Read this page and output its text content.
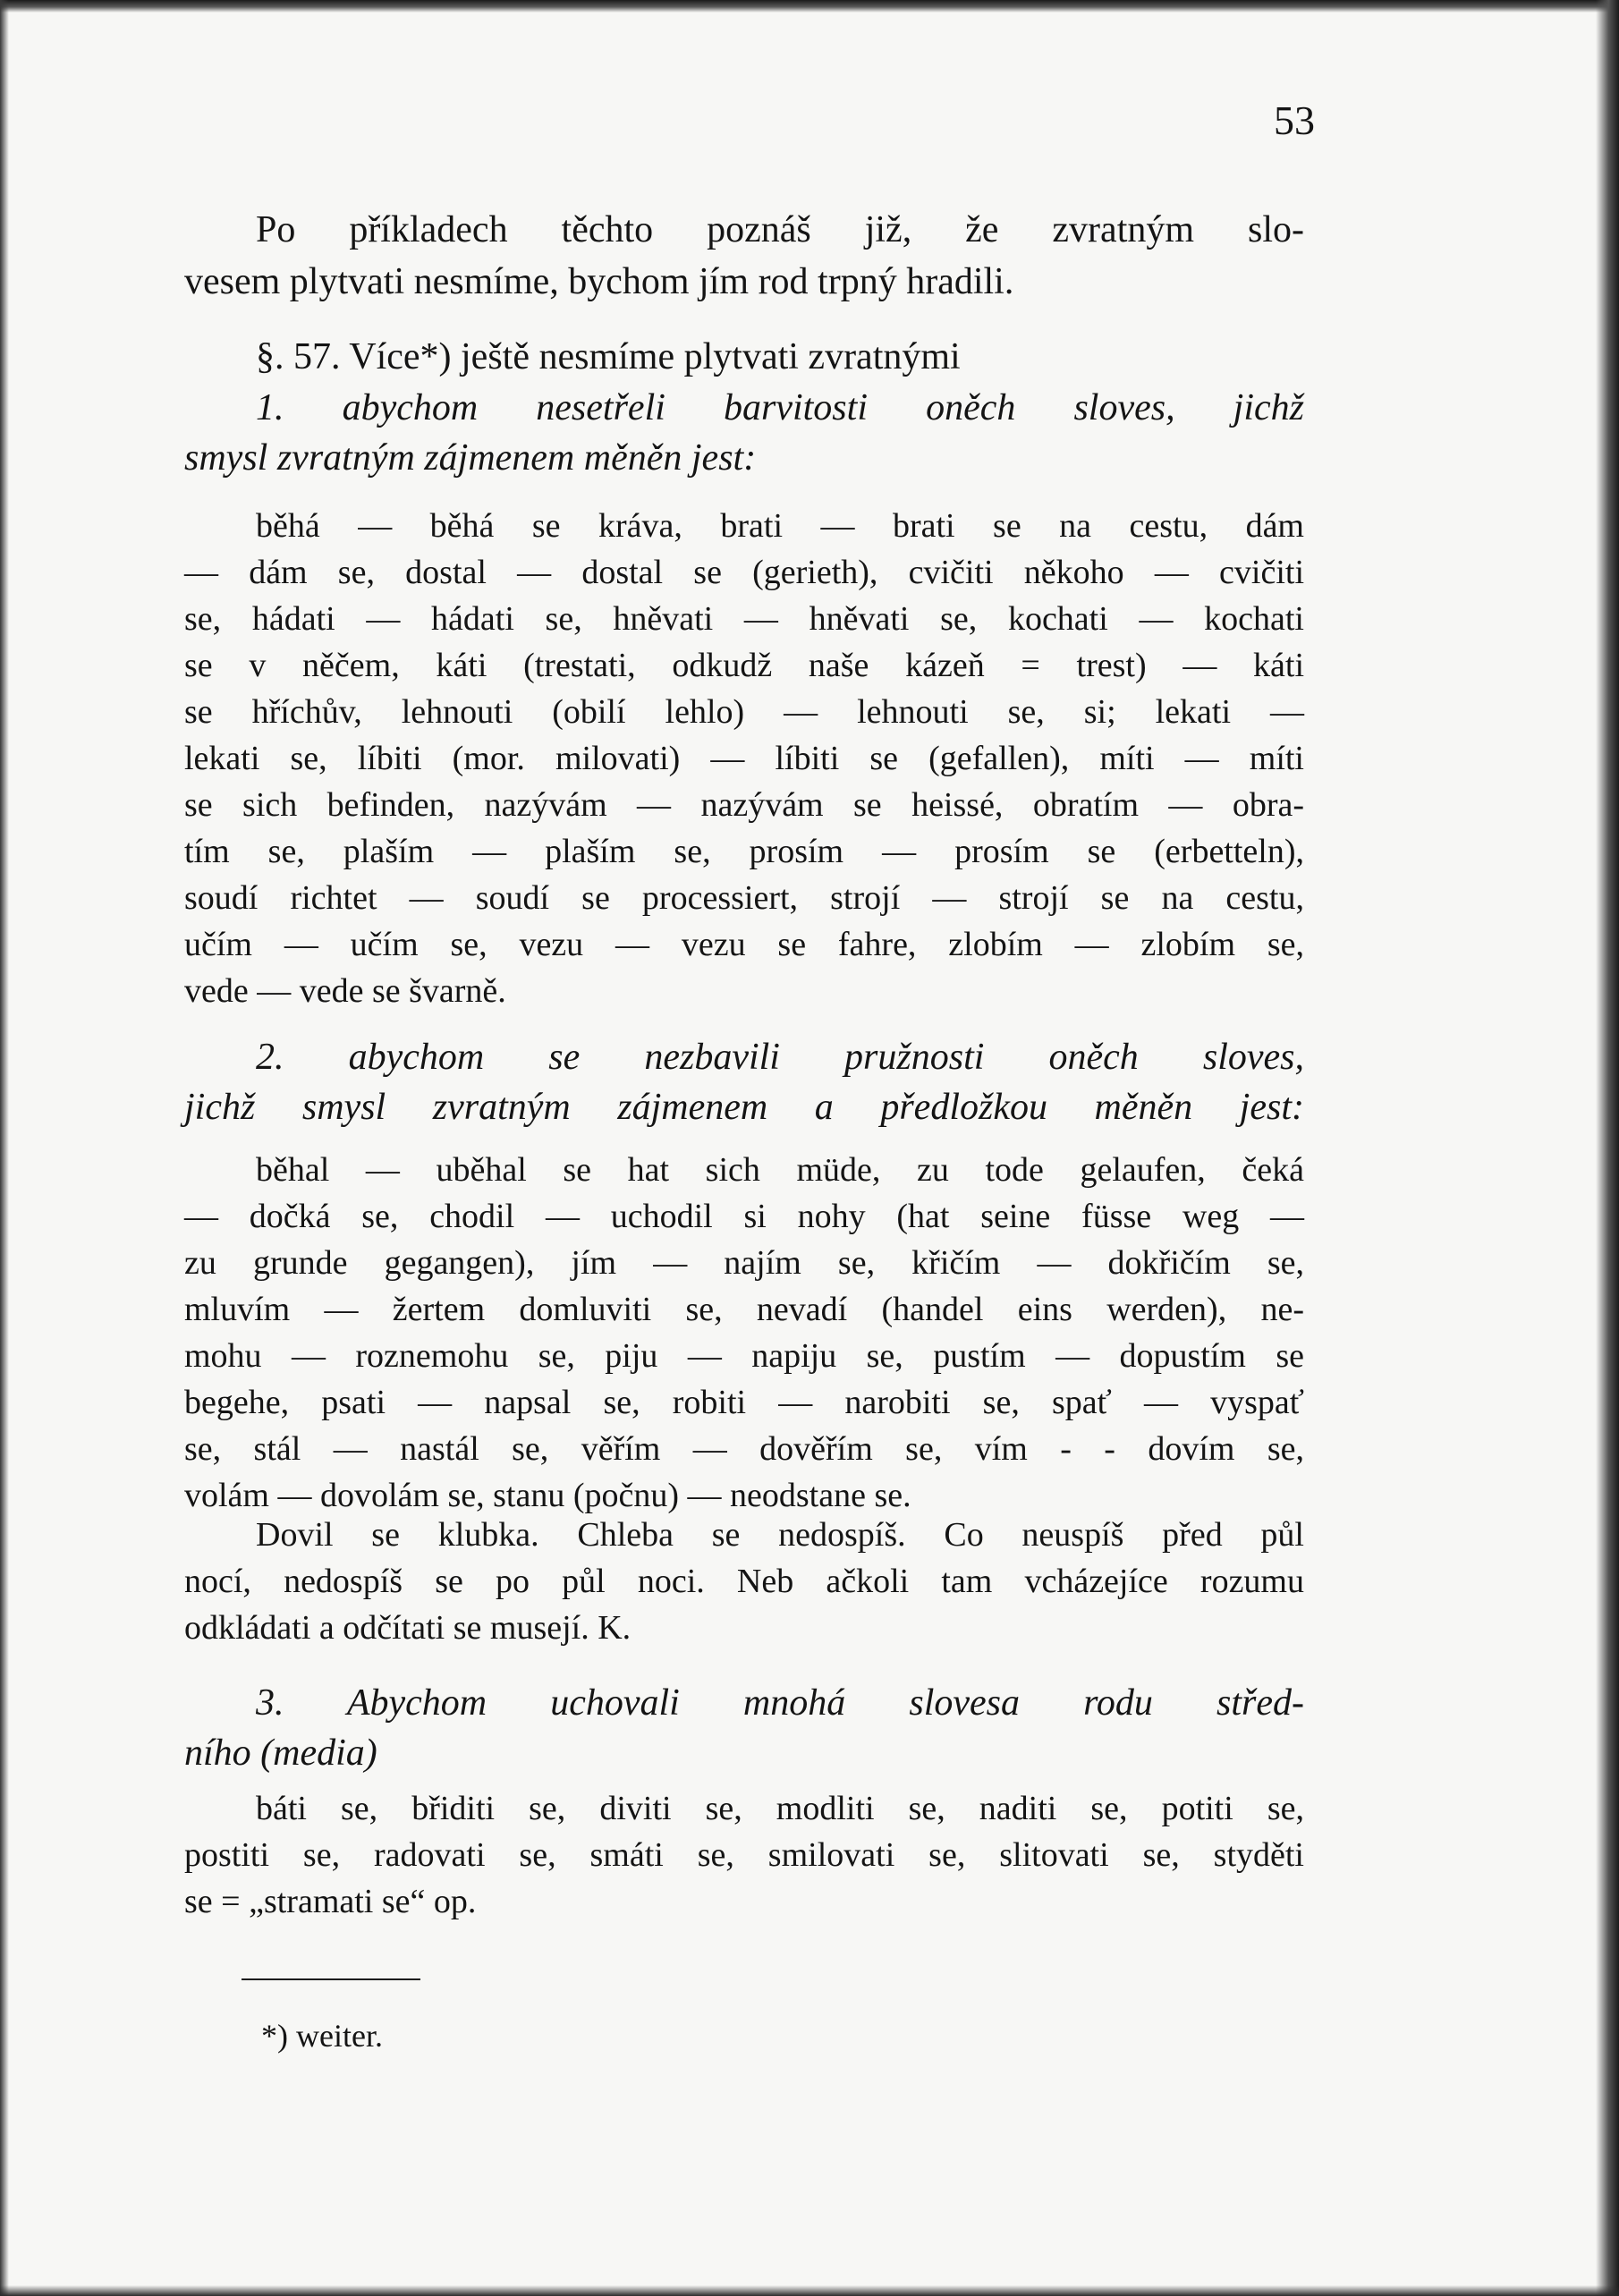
53
Po příkladech těchto poznáš již, že zvratným slo-
vesem plytvati nesmíme, bychom jím rod trpný hradili.
§. 57. Více*) ještě nesmíme plytvati zvratnými
1. abychom nesetřeli barvitosti oněch sloves, jichž
smysl zvratným zájmenem měněn jest:
běhá — běhá se kráva, brati — brati se na cestu, dám
— dám se, dostal — dostal se (gerieth), cvičiti někoho — cvičiti
se, hádati — hádati se, hněvati — hněvati se, kochati — kochati
se v něčem, káti (trestati, odkudž naše kázeň = trest) — káti
se hříchův, lehnouti (obilí lehlo) — lehnouti se, si; lekati —
lekati se, líbiti (mor. milovati) — líbiti se (gefallen), míti — míti
se sich befinden, nazývám — nazývám se heissé, obratím — obra-
tím se, plaším — plaším se, prosím — prosím se (erbetteln),
soudí richtet — soudí se processiert, strojí — strojí se na cestu,
učím — učím se, vezu — vezu se fahre, zlobím — zlobím se,
vede — vede se švarně.
2. abychom se nezbavili pružnosti oněch sloves,
jichž smysl zvratným zájmenem a předložkou měněn jest:
běhal — uběhal se hat sich müde, zu tode gelaufen, čeká
— dočká se, chodil — uchodil si nohy (hat seine füsse weg —
zu grunde gegangen), jím — najím se, křičím — dokřičím se,
mluvím — žertem domluviti se, nevadí (handel eins werden), ne-
mohu — roznemohu se, piju — napiju se, pustím — dopustím se
begehe, psati — napsal se, robiti — narobiti se, spať — vyspať
se, stál — nastál se, věřím — dověřím se, vím - - dovím se,
volám — dovolám se, stanu (počnu) — neodstane se.
Dovil se klubka. Chleba se nedospíš. Co neuspíš před půl
nocí, nedospíš se po půl noci. Neb ačkoli tam vcházejíce rozumu
odkládati a odčítati se musejí. K.
3. Abychom uchovali mnohá slovesa rodu střed-
ního (media)
báti se, břiditi se, diviti se, modliti se, naditi se, potiti se,
postiti se, radovati se, smáti se, smilovati se, slitovati se, styděti
se = „stramati se“ op.
*) weiter.
